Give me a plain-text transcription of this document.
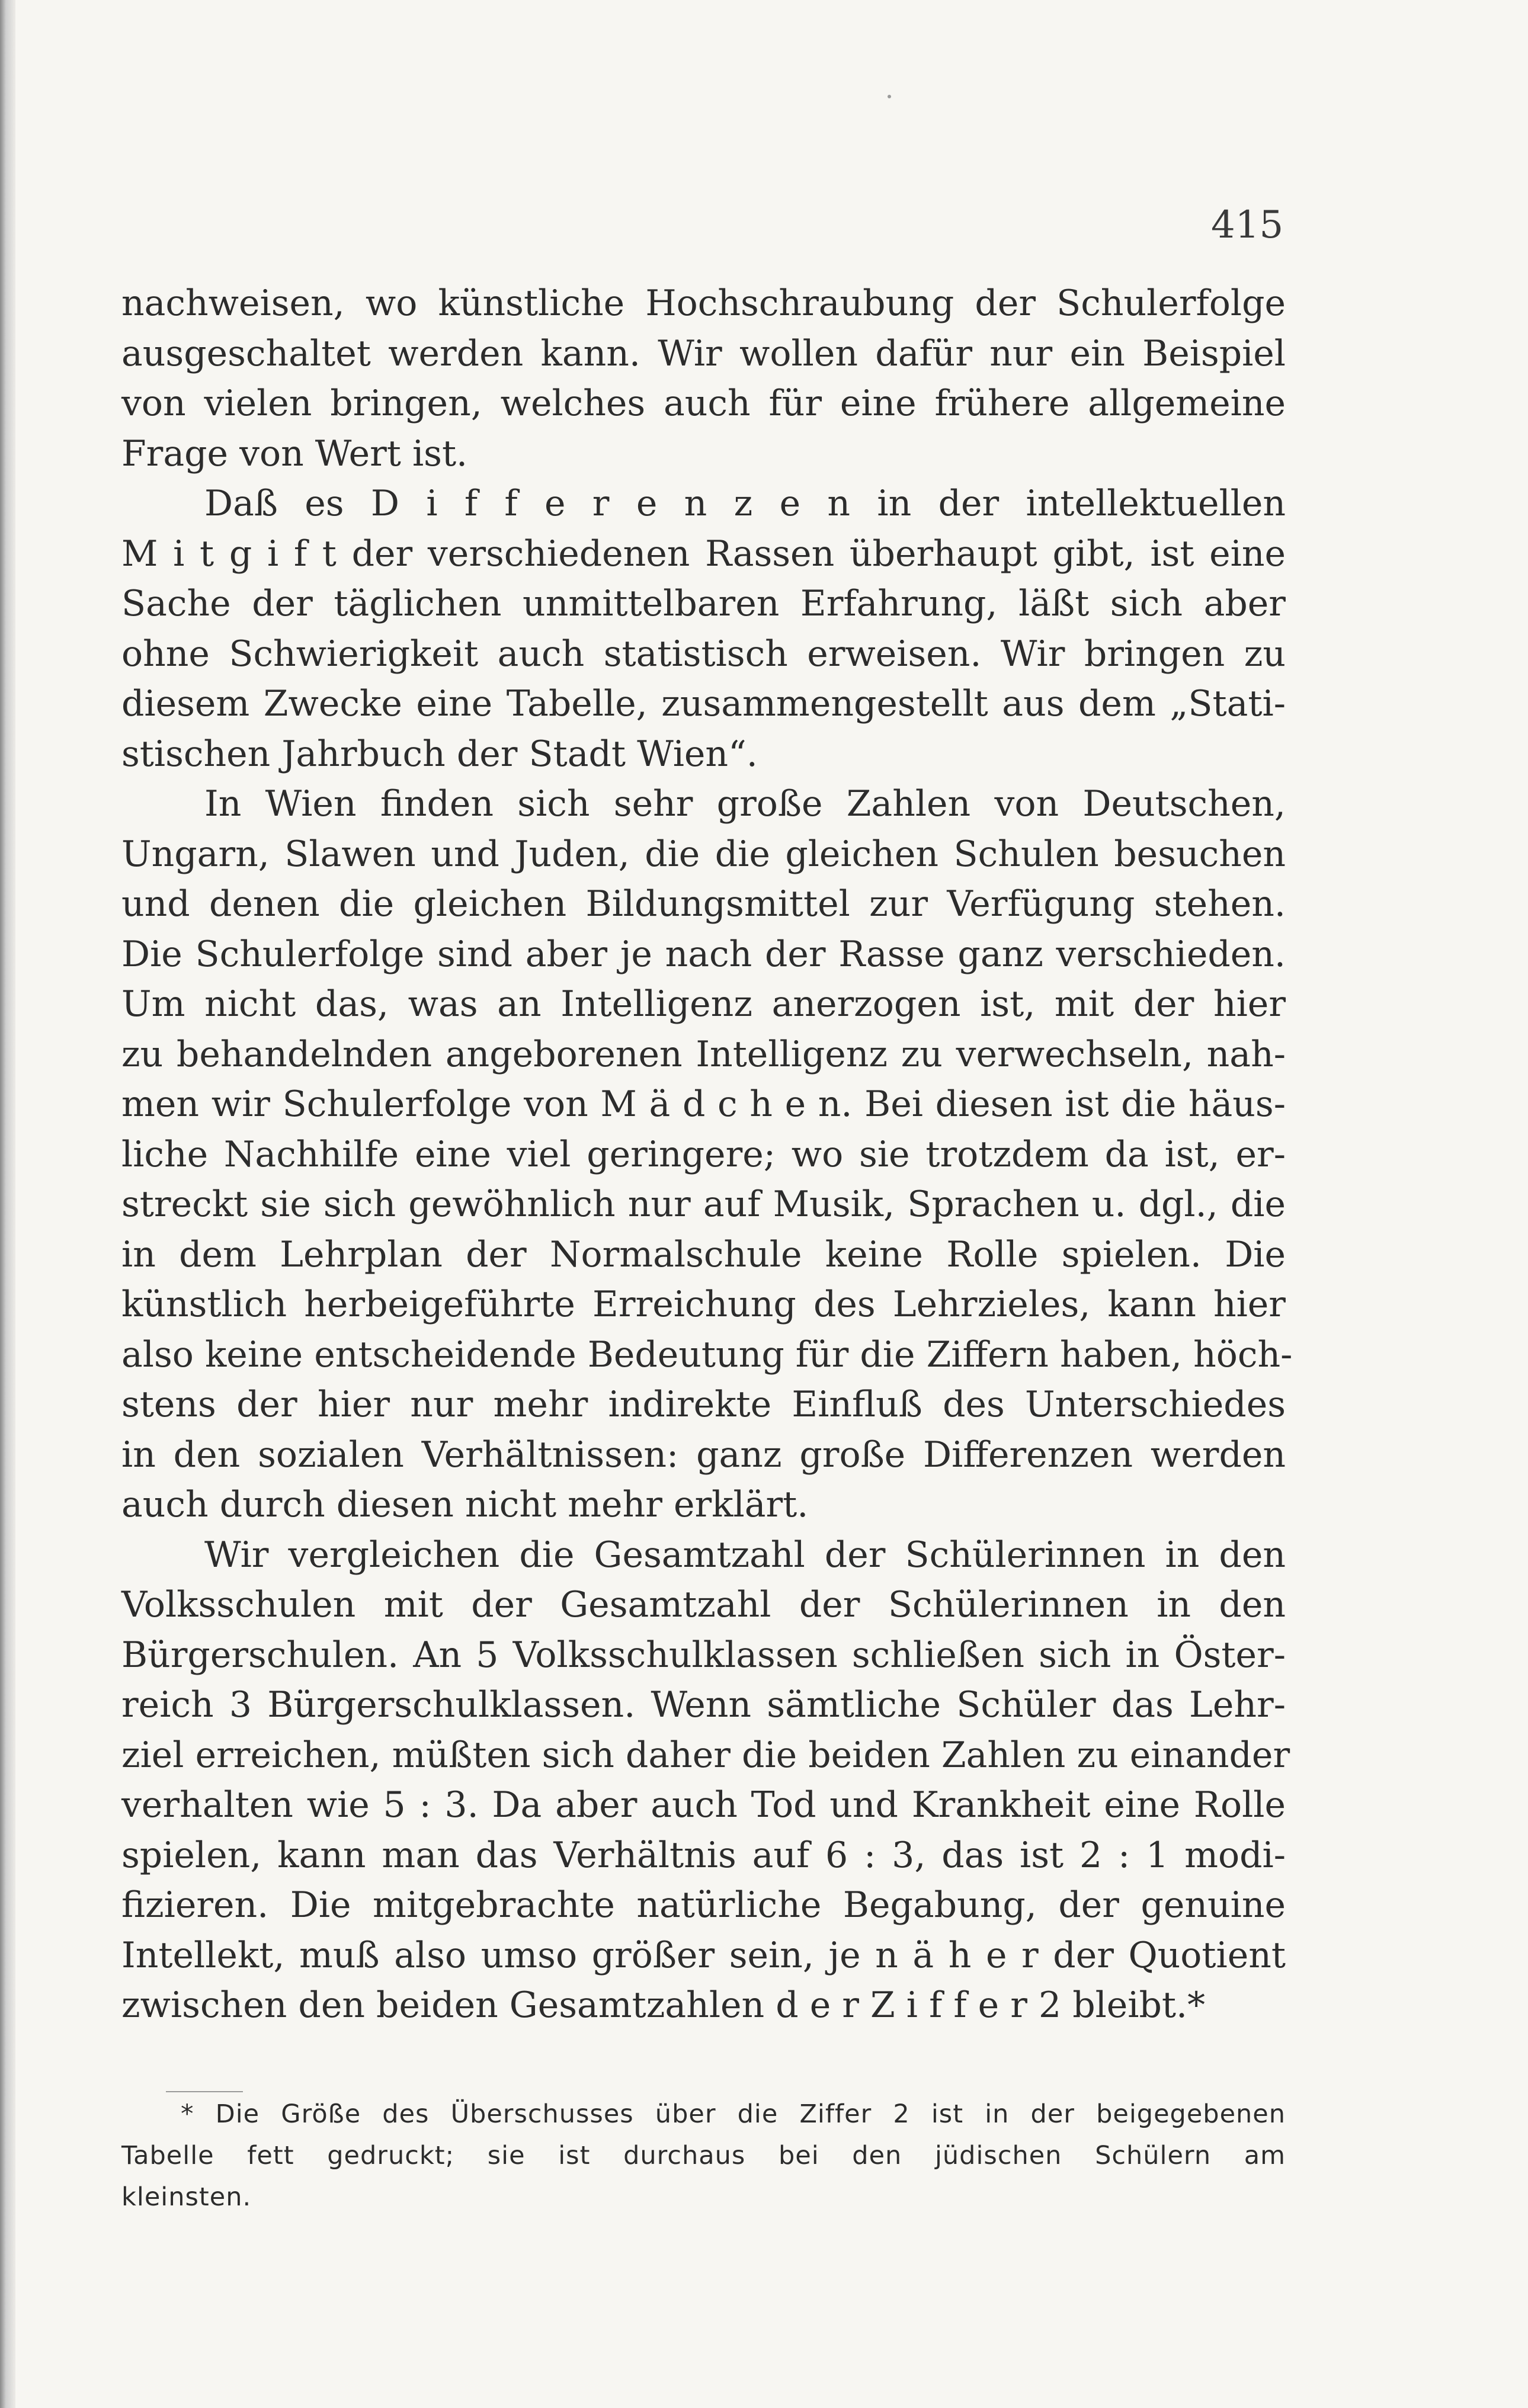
415
nachweisen, wo künstliche Hochschraubung der Schulerfolge
ausgeschaltet werden kann. Wir wollen dafür nur ein Beispiel
von vielen bringen, welches auch für eine frühere allgemeine
Frage von Wert ist.
Daß es D i f f e r e n z e n in der intellektuellen
M i t g i f t der verschiedenen Rassen überhaupt gibt, ist eine
Sache der täglichen unmittelbaren Erfahrung, läßt sich aber
ohne Schwierigkeit auch statistisch erweisen. Wir bringen zu
diesem Zwecke eine Tabelle, zusammengestellt aus dem „Stati-
stischen Jahrbuch der Stadt Wien“.
In Wien finden sich sehr große Zahlen von Deutschen,
Ungarn, Slawen und Juden, die die gleichen Schulen besuchen
und denen die gleichen Bildungsmittel zur Verfügung stehen.
Die Schulerfolge sind aber je nach der Rasse ganz verschieden.
Um nicht das, was an Intelligenz anerzogen ist, mit der hier
zu behandelnden angeborenen Intelligenz zu verwechseln, nah-
men wir Schulerfolge von M ä d c h e n. Bei diesen ist die häus-
liche Nachhilfe eine viel geringere; wo sie trotzdem da ist, er-
streckt sie sich gewöhnlich nur auf Musik, Sprachen u. dgl., die
in dem Lehrplan der Normalschule keine Rolle spielen. Die
künstlich herbeigeführte Erreichung des Lehrzieles, kann hier
also keine entscheidende Bedeutung für die Ziffern haben, höch-
stens der hier nur mehr indirekte Einfluß des Unterschiedes
in den sozialen Verhältnissen: ganz große Differenzen werden
auch durch diesen nicht mehr erklärt.
Wir vergleichen die Gesamtzahl der Schülerinnen in den
Volksschulen mit der Gesamtzahl der Schülerinnen in den
Bürgerschulen. An 5 Volksschulklassen schließen sich in Öster-
reich 3 Bürgerschulklassen. Wenn sämtliche Schüler das Lehr-
ziel erreichen, müßten sich daher die beiden Zahlen zu einander
verhalten wie 5 : 3. Da aber auch Tod und Krankheit eine Rolle
spielen, kann man das Verhältnis auf 6 : 3, das ist 2 : 1 modi-
fizieren. Die mitgebrachte natürliche Begabung, der genuine
Intellekt, muß also umso größer sein, je n ä h e r der Quotient
zwischen den beiden Gesamtzahlen d e r Z i f f e r 2 bleibt.*
* Die Größe des Überschusses über die Ziffer 2 ist in der beigegebenen
Tabelle fett gedruckt; sie ist durchaus bei den jüdischen Schülern am
kleinsten.
